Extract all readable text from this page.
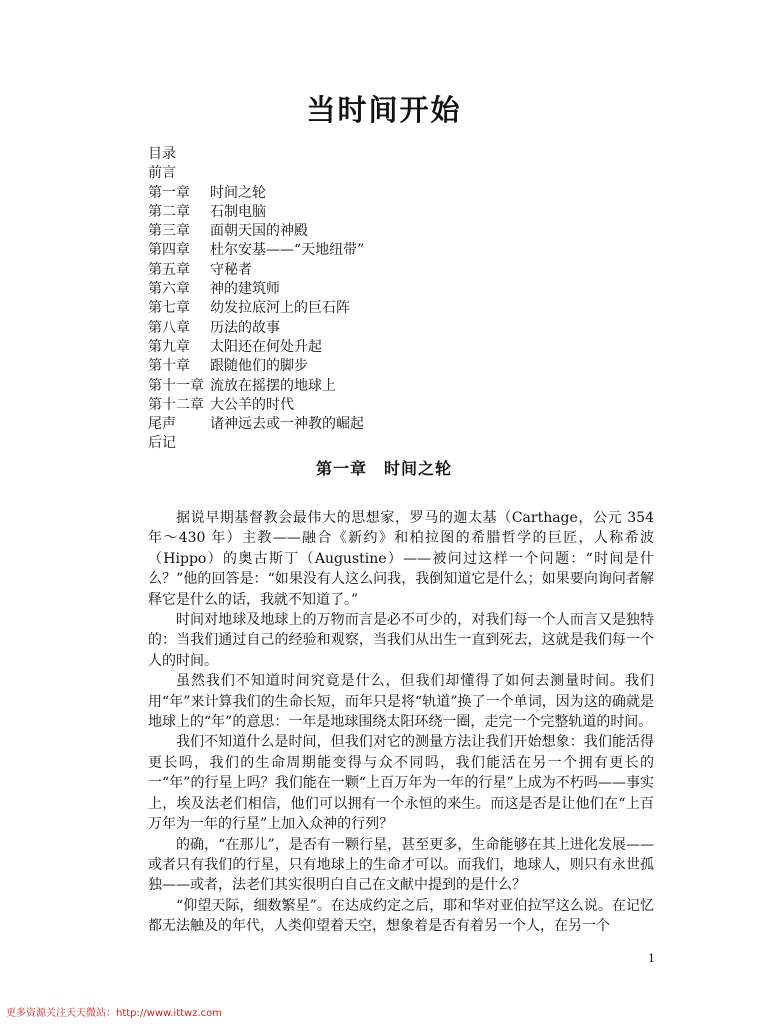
当时间开始
目录
前言
第一章 时间之轮
第二章 石制电脑
第三章 面朝天国的神殿
第四章 杜尔安基——“天地纽带”
第五章 守秘者
第六章 神的建筑师
第七章 幼发拉底河上的巨石阵
第八章 历法的故事
第九章 太阳还在何处升起
第十章 跟随他们的脚步
第十一章 流放在摇摆的地球上
第十二章 大公羊的时代
尾声 诸神远去或一神教的崛起
后记
第一章　时间之轮

据说早期基督教会最伟大的思想家，罗马的迦太基（Carthage，公元 354 年～430 年）主教——融合《新约》和柏拉图的希腊哲学的巨匠，人称希波（Hippo）的奥古斯丁（Augustine）——被问过这样一个问题：“时间是什么？”他的回答是：“如果没有人这么问我，我倒知道它是什么；如果要向询问者解释它是什么的话，我就不知道了。”

时间对地球及地球上的万物而言是必不可少的，对我们每一个人而言又是独特的：当我们通过自己的经验和观察，当我们从出生一直到死去，这就是我们每一个人的时间。

虽然我们不知道时间究竟是什么，但我们却懂得了如何去测量时间。我们用“年”来计算我们的生命长短，而年只是将“轨道”换了一个单词，因为这的确就是地球上的“年”的意思：一年是地球围绕太阳环绕一圈，走完一个完整轨道的时间。

我们不知道什么是时间，但我们对它的测量方法让我们开始想象：我们能活得更长吗，我们的生命周期能变得与众不同吗，我们能活在另一个拥有更长的一“年”的行星上吗？我们能在一颗“上百万年为一年的行星”上成为不朽吗——事实上，埃及法老们相信，他们可以拥有一个永恒的来生。而这是否是让他们在“上百万年为一年的行星”上加入众神的行列？

的确，“在那儿”，是否有一颗行星，甚至更多，生命能够在其上进化发展——或者只有我们的行星，只有地球上的生命才可以。而我们，地球人，则只有永世孤独——或者，法老们其实很明白自己在文献中提到的是什么？

“仰望天际，细数繁星”。在达成约定之后，耶和华对亚伯拉罕这么说。在记忆都无法触及的年代，人类仰望着天空，想象着是否有着另一个人，在另一个

1
更多资源关注天天微站：http://www.ittwz.com
